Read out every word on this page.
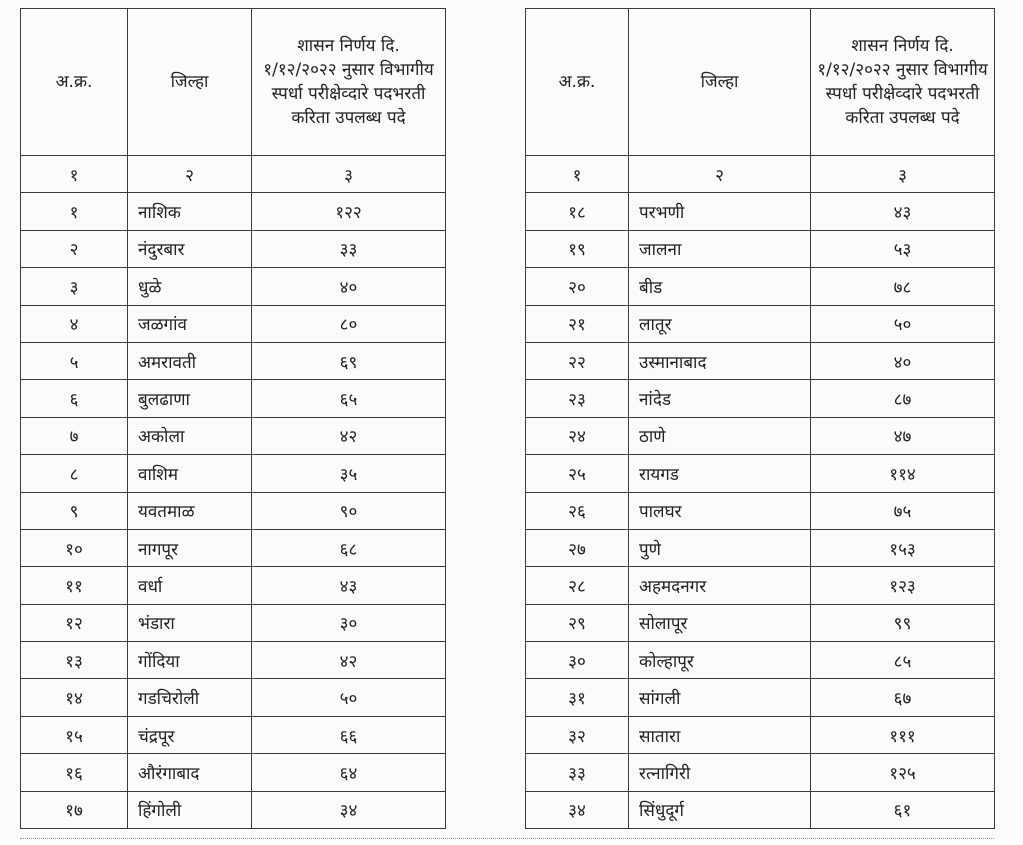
अ.क्र.	जिल्हा	शासन निर्णय दि. १/१२/२०२२ नुसार विभागीय स्पर्धा परीक्षेव्दारे पदभरती करिता उपलब्ध पदे
१	२	३
१	नाशिक	१२२
२	नंदुरबार	३३
३	धुळे	४०
४	जळगांव	८०
५	अमरावती	६९
६	बुलढाणा	६५
७	अकोला	४२
८	वाशिम	३५
९	यवतमाळ	९०
१०	नागपूर	६८
११	वर्धा	४३
१२	भंडारा	३०
१३	गोंदिया	४२
१४	गडचिरोली	५०
१५	चंद्रपूर	६६
१६	औरंगाबाद	६४
१७	हिंगोली	३४
अ.क्र.	जिल्हा	शासन निर्णय दि. १/१२/२०२२ नुसार विभागीय स्पर्धा परीक्षेव्दारे पदभरती करिता उपलब्ध पदे
१	२	३
१८	परभणी	४३
१९	जालना	५३
२०	बीड	७८
२१	लातूर	५०
२२	उस्मानाबाद	४०
२३	नांदेड	८७
२४	ठाणे	४७
२५	रायगड	११४
२६	पालघर	७५
२७	पुणे	१५३
२८	अहमदनगर	१२३
२९	सोलापूर	९९
३०	कोल्हापूर	८५
३१	सांगली	६७
३२	सातारा	१११
३३	रत्नागिरी	१२५
३४	सिंधुदूर्ग	६१
